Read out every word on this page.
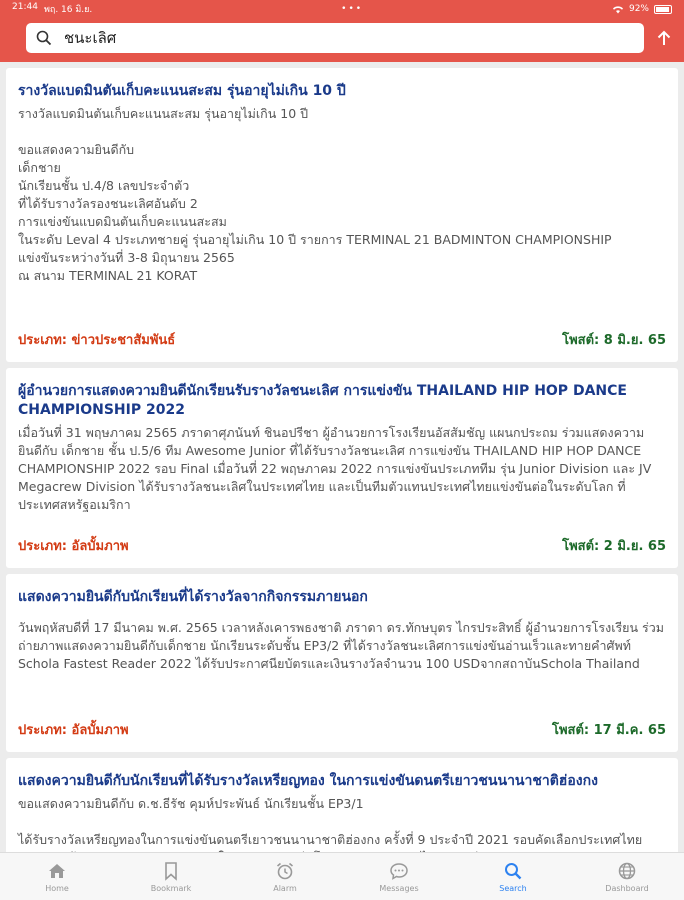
21:44 พฤ. 16 มิ.ย.	•••	92%
ชนะเลิศ
รางวัลแบดมินตันเก็บคะแนนสะสม รุ่นอายุไม่เกิน 10 ปี
รางวัลแบดมินตันเก็บคะแนนสะสม รุ่นอายุไม่เกิน 10 ปี

ขอแสดงความยินดีกับ
เด็กชาย
นักเรียนชั้น ป.4/8 เลขประจำตัว
ที่ได้รับรางวัลรองชนะเลิศอันดับ 2
การแข่งขันแบดมินตันเก็บคะแนนสะสม
ในระดับ Leval 4 ประเภทชายคู่ รุ่นอายุไม่เกิน 10 ปี รายการ TERMINAL 21 BADMINTON CHAMPIONSHIP
แข่งขันระหว่างวันที่ 3-8 มิถุนายน 2565
ณ สนาม TERMINAL 21 KORAT
ประเภท: ข่าวประชาสัมพันธ์	โพสต์: 8 มิ.ย. 65
ผู้อำนวยการแสดงความยินดีนักเรียนรับรางวัลชนะเลิศ การแข่งขัน THAILAND HIP HOP DANCE CHAMPIONSHIP 2022
เมื่อวันที่ 31 พฤษภาคม 2565 ภราดาศุภนันท์ ชินอปรีชา ผู้อำนวยการโรงเรียนอัสสัมชัญ แผนกประถม ร่วมแสดงความยินดีกับ เด็กชาย ชั้น ป.5/6 ทีม Awesome Junior ที่ได้รับรางวัลชนะเลิศ การแข่งขัน THAILAND HIP HOP DANCE CHAMPIONSHIP 2022 รอบ Final เมื่อวันที่ 22 พฤษภาคม 2022 การแข่งขันประเภททีม รุ่น Junior Division และ JV Megacrew Division ได้รับรางวัลชนะเลิศในประเทศไทย และเป็นทีมตัวแทนประเทศไทยแข่งขันต่อในระดับโลก ที่ประเทศสหรัฐอเมริกา
ประเภท: อัลบั้มภาพ	โพสต์: 2 มิ.ย. 65
แสดงความยินดีกับนักเรียนที่ได้รางวัลจากกิจกรรมภายนอก
วันพฤหัสบดีที่ 17 มีนาคม พ.ศ. 2565 เวลาหลังเคารพธงชาติ ภราดา ดร.ทักษบุตร ไกรประสิทธิ์ ผู้อำนวยการโรงเรียน ร่วมถ่ายภาพแสดงความยินดีกับเด็กชาย นักเรียนระดับชั้น EP3/2 ที่ได้รางวัลชนะเลิศการแข่งขันอ่านเร็วและทายคำศัพท์ Schola Fastest Reader 2022 ได้รับประกาศนียบัตรและเงินรางวัลจำนวน 100 USDจากสถาบันSchola Thailand
ประเภท: อัลบั้มภาพ	โพสต์: 17 มี.ค. 65
แสดงความยินดีกับนักเรียนที่ได้รับรางวัลเหรียญทอง ในการแข่งขันดนตรีเยาวชนนานาชาติฮ่องกง
ขอแสดงความยินดีกับ ด.ช.ธีรัช คุมห์ประพันธ์ นักเรียนชั้น EP3/1

ได้รับรางวัลเหรียญทองในการแข่งขันดนตรีเยาวชนนานาชาติฮ่องกง ครั้งที่ 9 ประจำปี 2021 รอบคัดเลือกประเทศไทย
Home	Bookmark	Alarm	Messages	Search	Dashboard
